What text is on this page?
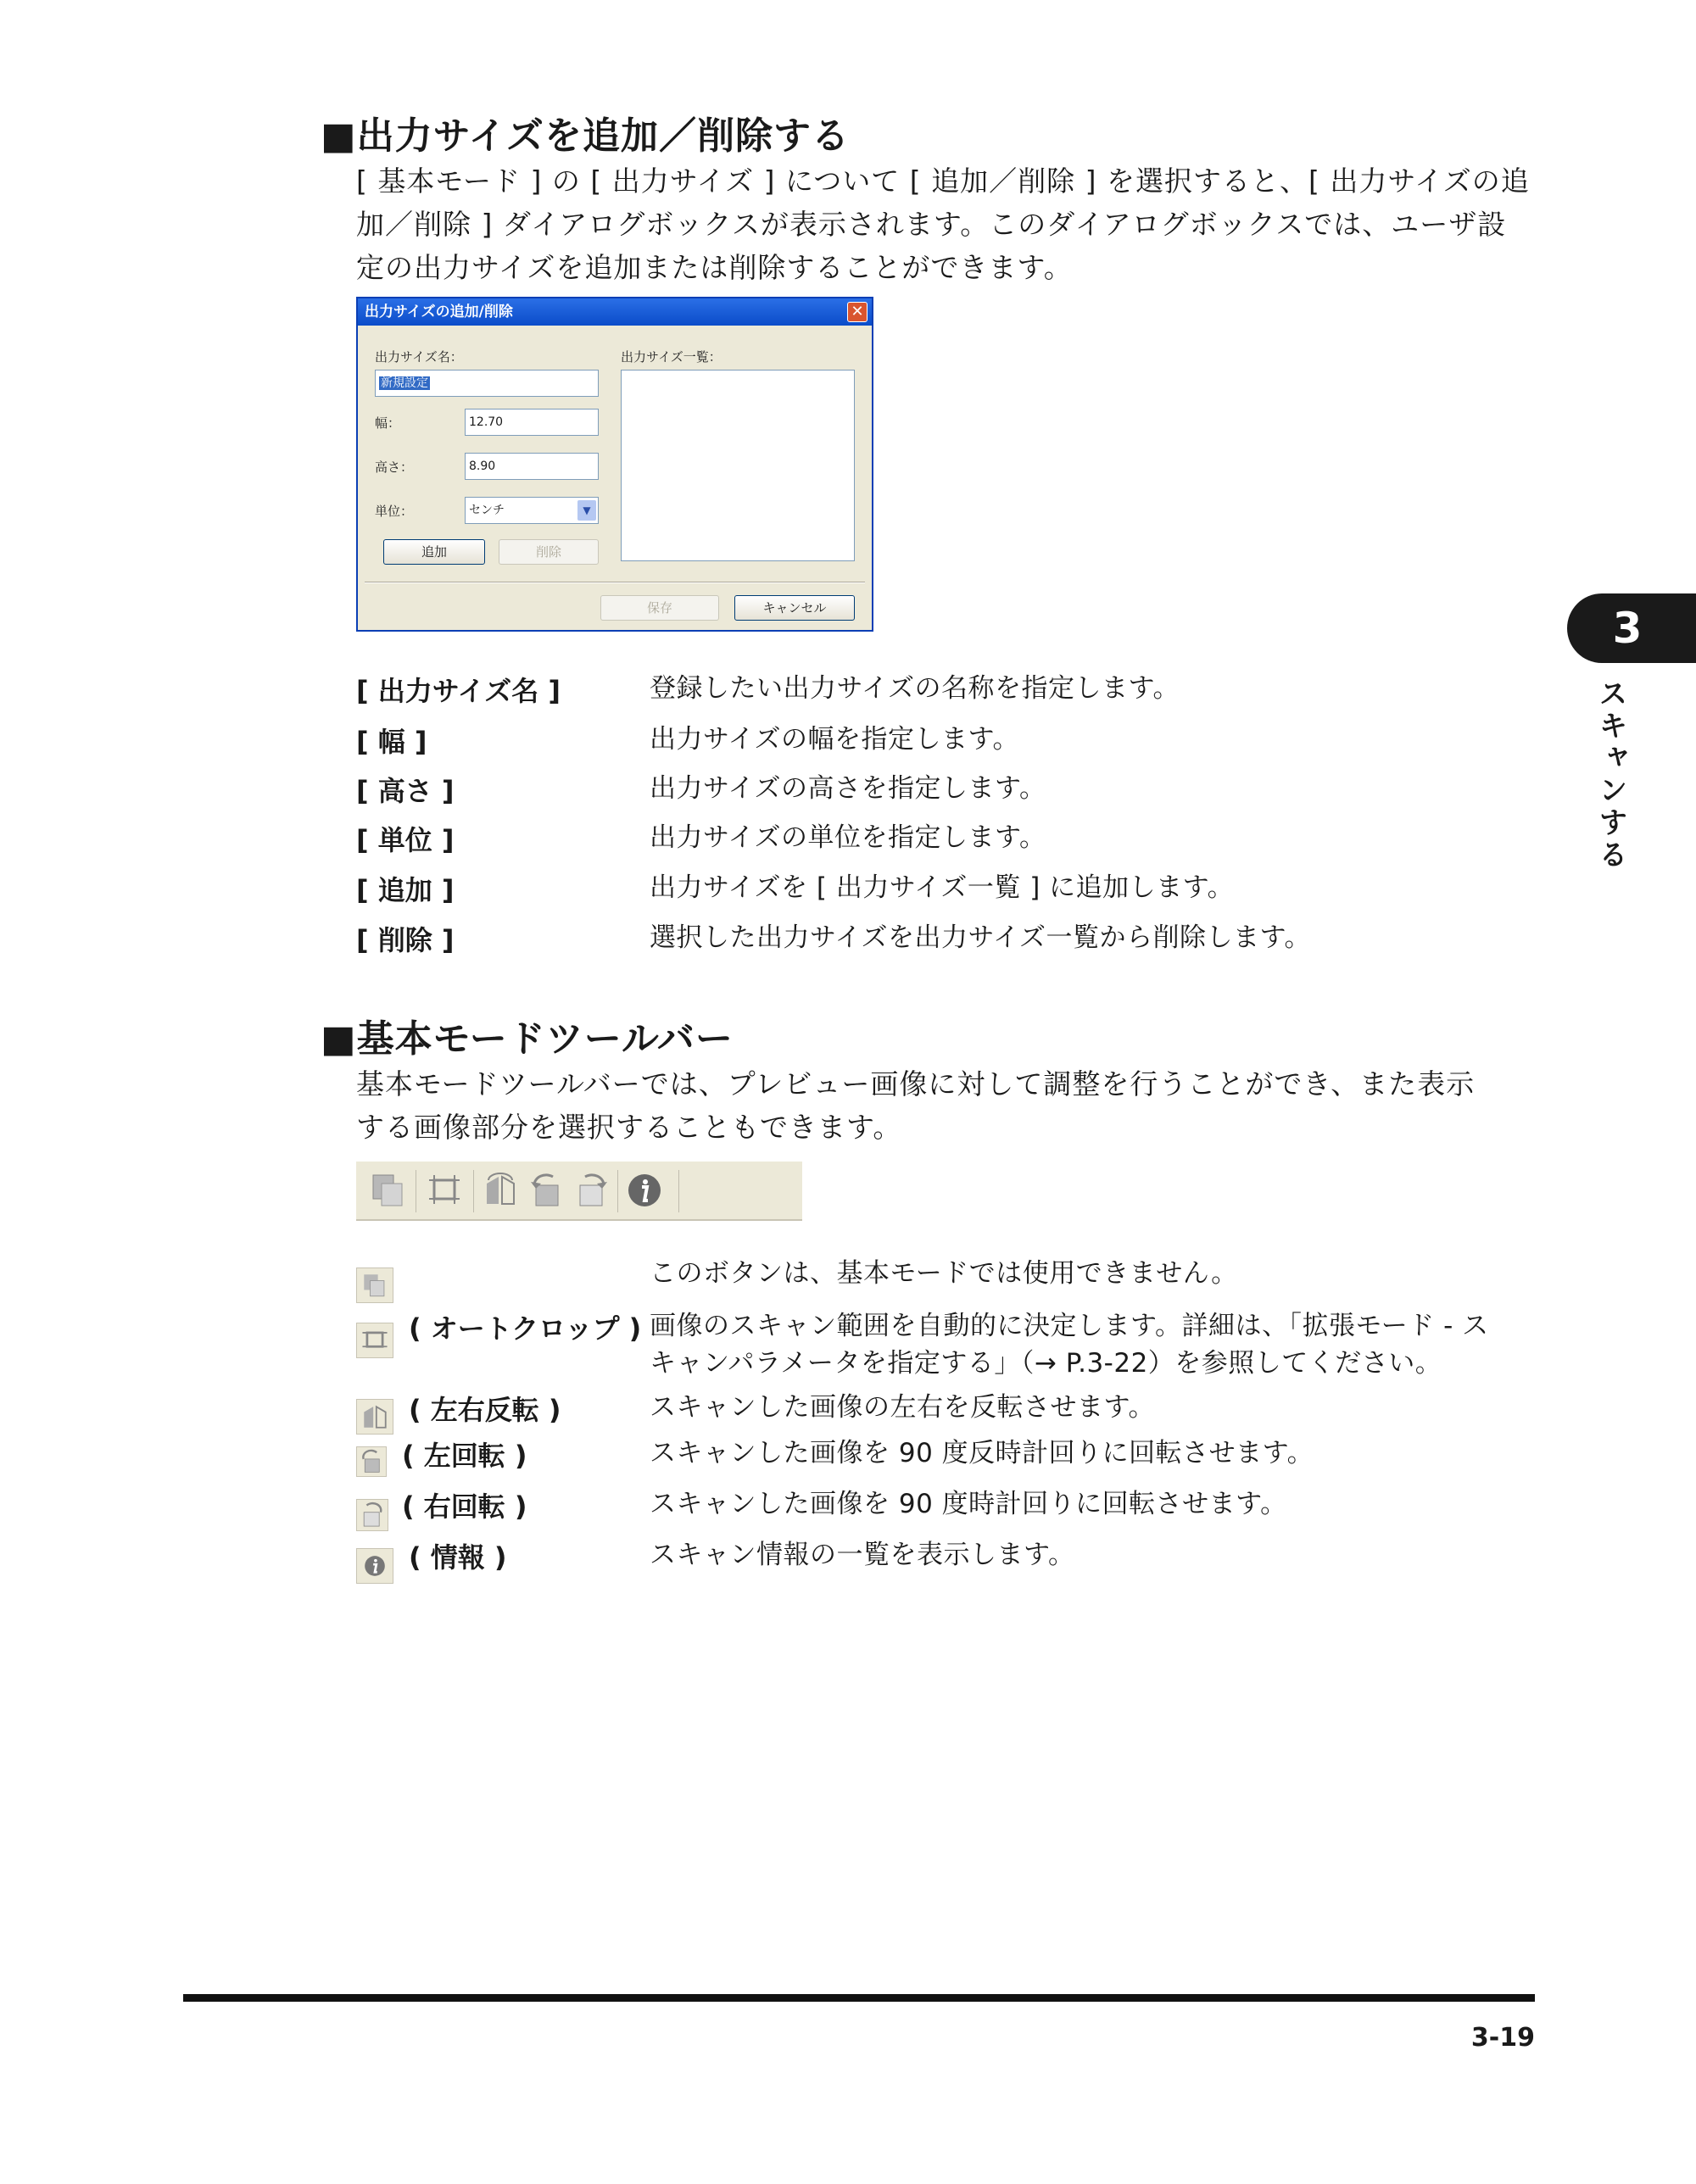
■出力サイズを追加／削除する
[ 基本モード ] の [ 出力サイズ ] について [ 追加／削除 ] を選択すると、[ 出力サイズの追
加／削除 ] ダイアログボックスが表示されます。このダイアログボックスでは、ユーザ設
定の出力サイズを追加または削除することができます。
出力サイズの追加/削除	✕
出力サイズ名：
新規設定
出力サイズ一覧：
幅：	12.70
高さ：	8.90
単位：	センチ	▼
追加	削除
保存	キャンセル
[ 出力サイズ名 ]	登録したい出力サイズの名称を指定します。
[ 幅 ]	出力サイズの幅を指定します。
[ 高さ ]	出力サイズの高さを指定します。
[ 単位 ]	出力サイズの単位を指定します。
[ 追加 ]	出力サイズを [ 出力サイズ一覧 ] に追加します。
[ 削除 ]	選択した出力サイズを出力サイズ一覧から削除します。
■基本モードツールバー
基本モードツールバーでは、プレビュー画像に対して調整を行うことができ、また表示
する画像部分を選択することもできます。
このボタンは、基本モードでは使用できません。
( オートクロップ ) 画像のスキャン範囲を自動的に決定します。詳細は、「拡張モード - ス
キャンパラメータを指定する」（→ P.3-22）を参照してください。
( 左右反転 )	スキャンした画像の左右を反転させます。
( 左回転 )	スキャンした画像を 90 度反時計回りに回転させます。
( 右回転 )	スキャンした画像を 90 度時計回りに回転させます。
( 情報 )	スキャン情報の一覧を表示します。
3
スキャンする
3-19
